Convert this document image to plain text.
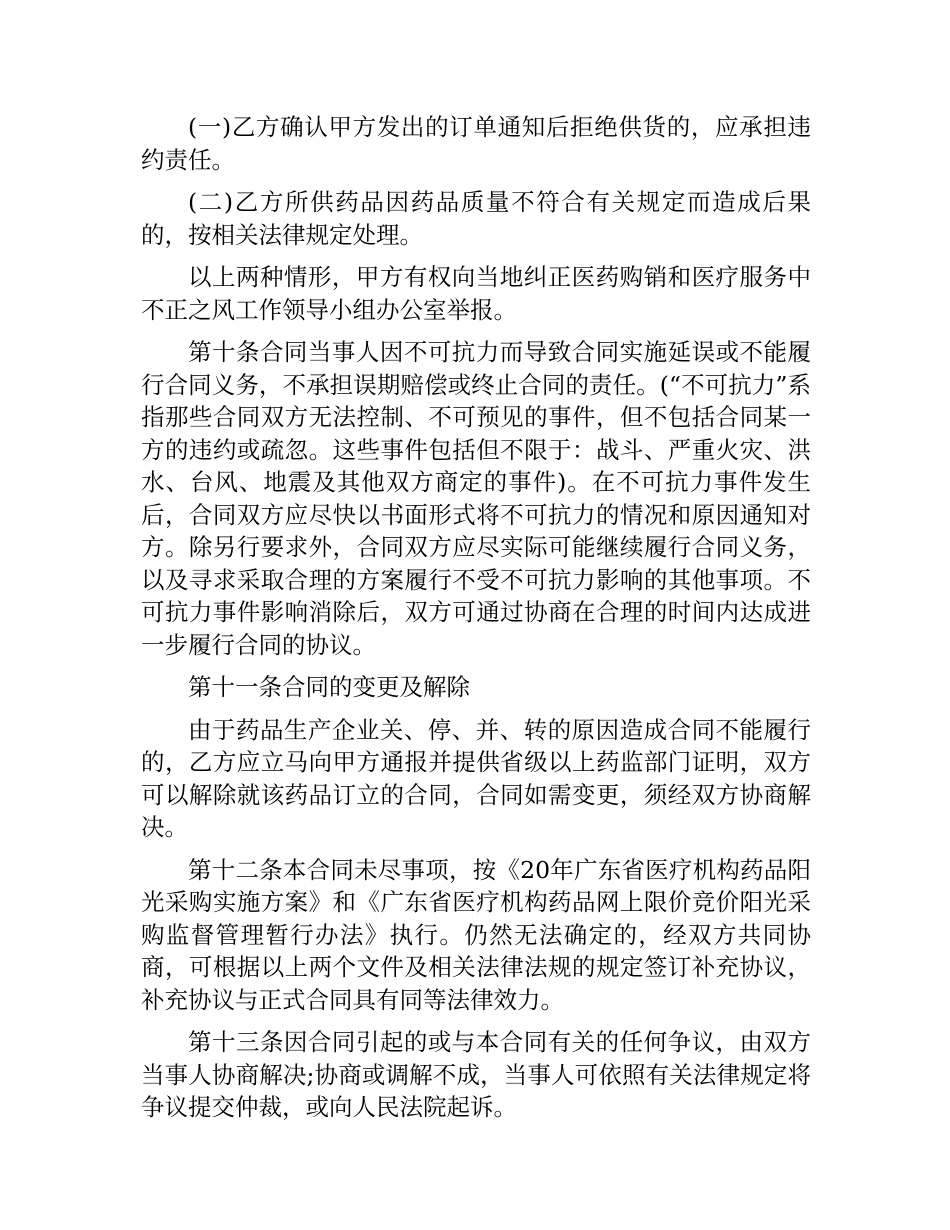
(一)乙方确认甲方发出的订单通知后拒绝供货的，应承担违约责任。

(二)乙方所供药品因药品质量不符合有关规定而造成后果的，按相关法律规定处理。

以上两种情形，甲方有权向当地纠正医药购销和医疗服务中不正之风工作领导小组办公室举报。

第十条合同当事人因不可抗力而导致合同实施延误或不能履行合同义务，不承担误期赔偿或终止合同的责任。(“不可抗力”系指那些合同双方无法控制、不可预见的事件，但不包括合同某一方的违约或疏忽。这些事件包括但不限于：战斗、严重火灾、洪水、台风、地震及其他双方商定的事件)。在不可抗力事件发生后，合同双方应尽快以书面形式将不可抗力的情况和原因通知对方。除另行要求外，合同双方应尽实际可能继续履行合同义务，以及寻求采取合理的方案履行不受不可抗力影响的其他事项。不可抗力事件影响消除后，双方可通过协商在合理的时间内达成进一步履行合同的协议。

第十一条合同的变更及解除

由于药品生产企业关、停、并、转的原因造成合同不能履行的，乙方应立马向甲方通报并提供省级以上药监部门证明，双方可以解除就该药品订立的合同，合同如需变更，须经双方协商解决。

第十二条本合同未尽事项，按《20年广东省医疗机构药品阳光采购实施方案》和《广东省医疗机构药品网上限价竞价阳光采购监督管理暂行办法》执行。仍然无法确定的，经双方共同协商，可根据以上两个文件及相关法律法规的规定签订补充协议，补充协议与正式合同具有同等法律效力。

第十三条因合同引起的或与本合同有关的任何争议，由双方当事人协商解决;协商或调解不成，当事人可依照有关法律规定将争议提交仲裁，或向人民法院起诉。
